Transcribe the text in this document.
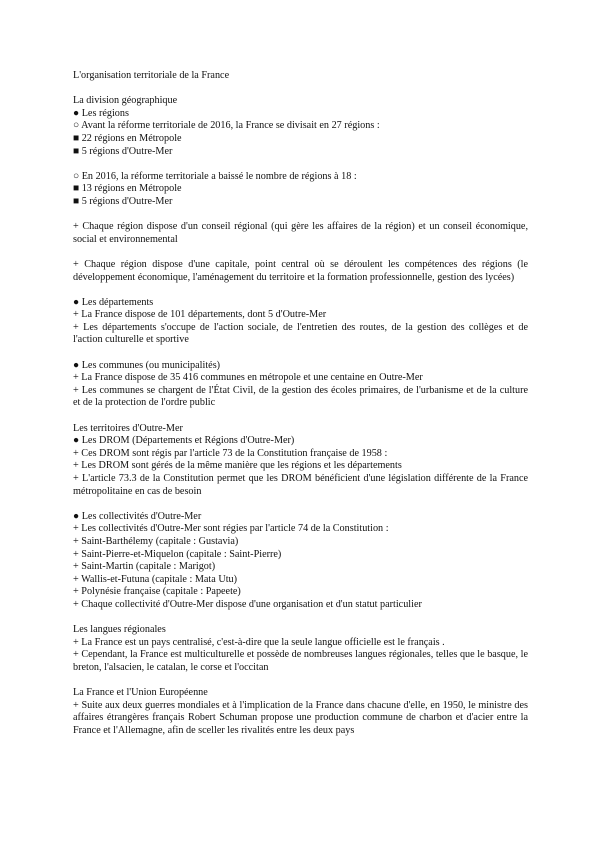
L'organisation territoriale de la France
La division géographique
● Les régions
○ Avant la réforme territoriale de 2016, la France se divisait en 27 régions :
■ 22 régions en Métropole
■ 5 régions d'Outre-Mer
○ En 2016, la réforme territoriale a baissé le nombre de régions à 18 :
■ 13 régions en Métropole
■ 5 régions d'Outre-Mer
+ Chaque région dispose d'un conseil régional (qui gère les affaires de la région) et un conseil économique, social et environnemental
+ Chaque région dispose d'une capitale, point central où se déroulent les compétences des régions (le développement économique, l'aménagement du territoire et la formation professionnelle, gestion des lycées)
● Les départements
+ La France dispose de 101 départements, dont 5 d'Outre-Mer
+ Les départements s'occupe de l'action sociale, de l'entretien des routes, de la gestion des collèges et de l'action culturelle et sportive
● Les communes (ou municipalités)
+ La France dispose de 35 416 communes en métropole et une centaine en Outre-Mer
+ Les communes se chargent de l'État Civil, de la gestion des écoles primaires, de l'urbanisme et de la culture et de la protection de l'ordre public
Les territoires d'Outre-Mer
● Les DROM (Départements et Régions d'Outre-Mer)
+ Ces DROM sont régis par l'article 73 de la Constitution française de 1958 :
+ Les DROM sont gérés de la même manière que les régions et les départements
+ L'article 73.3 de la Constitution permet que les DROM bénéficient d'une législation différente de la France métropolitaine en cas de besoin
● Les collectivités d'Outre-Mer
+ Les collectivités d'Outre-Mer sont régies par l'article 74 de la Constitution :
+ Saint-Barthélemy (capitale : Gustavia)
+ Saint-Pierre-et-Miquelon (capitale : Saint-Pierre)
+ Saint-Martin (capitale : Marigot)
+ Wallis-et-Futuna (capitale : Mata Utu)
+ Polynésie française (capitale : Papeete)
+ Chaque collectivité d'Outre-Mer dispose d'une organisation et d'un statut particulier
Les langues régionales
+ La France est un pays centralisé, c'est-à-dire que la seule langue officielle est le français .
+ Cependant, la France est multiculturelle et possède de nombreuses langues régionales, telles que le basque, le breton, l'alsacien, le catalan, le corse et l'occitan
La France et l'Union Européenne
+ Suite aux deux guerres mondiales et à l'implication de la France dans chacune d'elle, en 1950, le ministre des affaires étrangères français Robert Schuman propose une production commune de charbon et d'acier entre la France et l'Allemagne, afin de sceller les rivalités entre les deux pays
